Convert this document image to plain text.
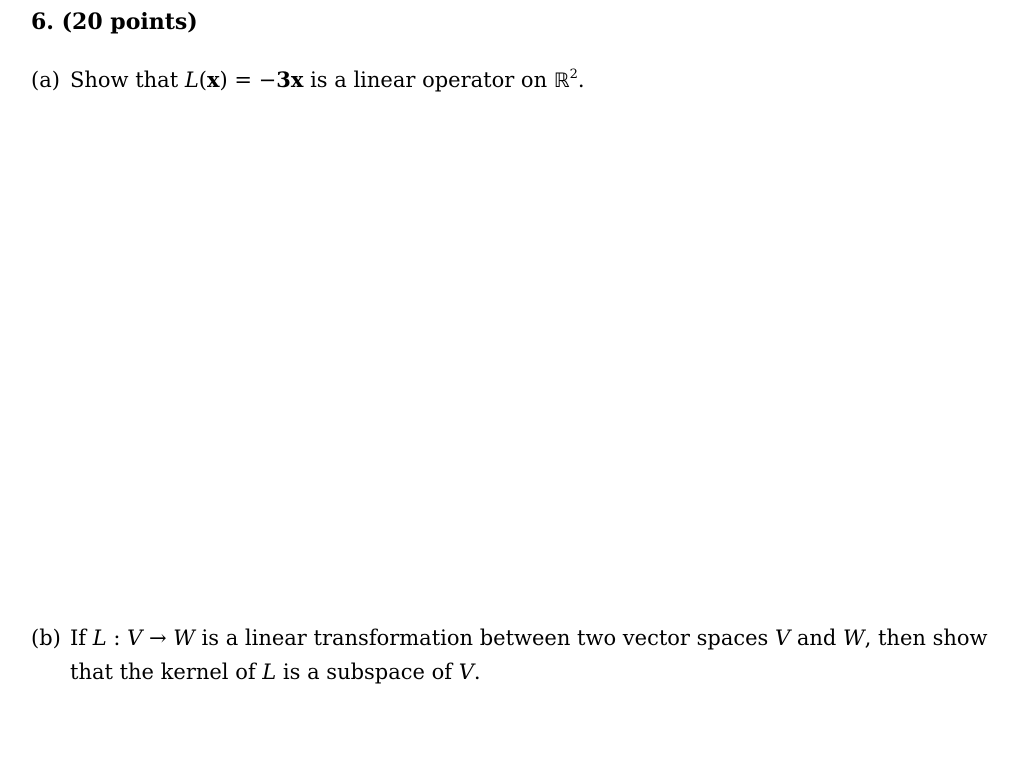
6. (20 points)
(a) Show that L(x) = −3x is a linear operator on ℝ$^2$.
(b) If L : V → W is a linear transformation between two vector spaces V and W, then show
that the kernel of L is a subspace of V.
